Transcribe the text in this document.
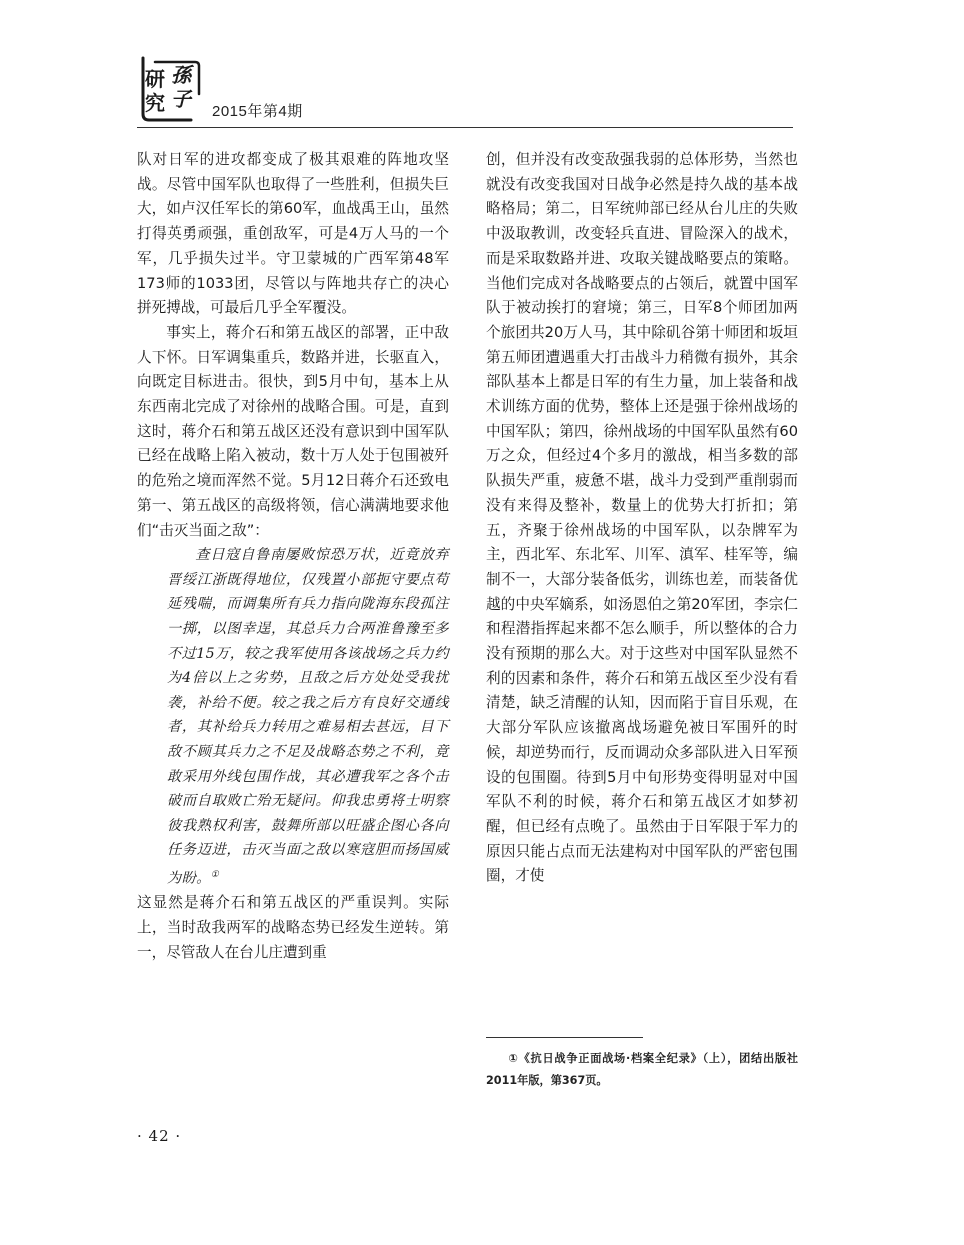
研
究
孫
子
2015年第4期

队对日军的进攻都变成了极其艰难的阵地攻坚战。尽管中国军队也取得了一些胜利，但损失巨大，如卢汉任军长的第60军，血战禹王山，虽然打得英勇顽强，重创敌军，可是4万人马的一个军，几乎损失过半。守卫蒙城的广西军第48军173师的1033团，尽管以与阵地共存亡的决心拼死搏战，可最后几乎全军覆没。

事实上，蒋介石和第五战区的部署，正中敌人下怀。日军调集重兵，数路并进，长驱直入，向既定目标进击。很快，到5月中旬，基本上从东西南北完成了对徐州的战略合围。可是，直到这时，蒋介石和第五战区还没有意识到中国军队已经在战略上陷入被动，数十万人处于包围被歼的危殆之境而浑然不觉。5月12日蒋介石还致电第一、第五战区的高级将领，信心满满地要求他们“击灭当面之敌”：

查日寇自鲁南屡败惊恐万状，近竟放弃晋绥江浙既得地位，仅残置小部扼守要点苟延残喘，而调集所有兵力指向陇海东段孤注一掷，以图幸逞，其总兵力合两淮鲁豫至多不过15万，较之我军使用各该战场之兵力约为4倍以上之劣势，且敌之后方处处受我扰袭，补给不便。较之我之后方有良好交通线者，其补给兵力转用之难易相去甚远，目下敌不顾其兵力之不足及战略态势之不利，竟敢采用外线包围作战，其必遭我军之各个击破而自取败亡殆无疑问。仰我忠勇将士明察彼我熟权利害，鼓舞所部以旺盛企图心各向任务迈进，击灭当面之敌以寒寇胆而扬国威为盼。①

这显然是蒋介石和第五战区的严重误判。实际上，当时敌我两军的战略态势已经发生逆转。第一，尽管敌人在台儿庄遭到重

创，但并没有改变敌强我弱的总体形势，当然也就没有改变我国对日战争必然是持久战的基本战略格局；第二，日军统帅部已经从台儿庄的失败中汲取教训，改变轻兵直进、冒险深入的战术，而是采取数路并进、攻取关键战略要点的策略。当他们完成对各战略要点的占领后，就置中国军队于被动挨打的窘境；第三，日军8个师团加两个旅团共20万人马，其中除矶谷第十师团和坂垣第五师团遭遇重大打击战斗力稍微有损外，其余部队基本上都是日军的有生力量，加上装备和战术训练方面的优势，整体上还是强于徐州战场的中国军队；第四，徐州战场的中国军队虽然有60万之众，但经过4个多月的激战，相当多数的部队损失严重，疲惫不堪，战斗力受到严重削弱而没有来得及整补，数量上的优势大打折扣；第五，齐聚于徐州战场的中国军队，以杂牌军为主，西北军、东北军、川军、滇军、桂军等，编制不一，大部分装备低劣，训练也差，而装备优越的中央军嫡系，如汤恩伯之第20军团，李宗仁和程潜指挥起来都不怎么顺手，所以整体的合力没有预期的那么大。对于这些对中国军队显然不利的因素和条件，蒋介石和第五战区至少没有看清楚，缺乏清醒的认知，因而陷于盲目乐观，在大部分军队应该撤离战场避免被日军围歼的时候，却逆势而行，反而调动众多部队进入日军预设的包围圈。待到5月中旬形势变得明显对中国军队不利的时候，蒋介石和第五战区才如梦初醒，但已经有点晚了。虽然由于日军限于军力的原因只能占点而无法建构对中国军队的严密包围圈，才使

①《抗日战争正面战场·档案全纪录》（上），团结出版社2011年版，第367页。
· 42 ·
